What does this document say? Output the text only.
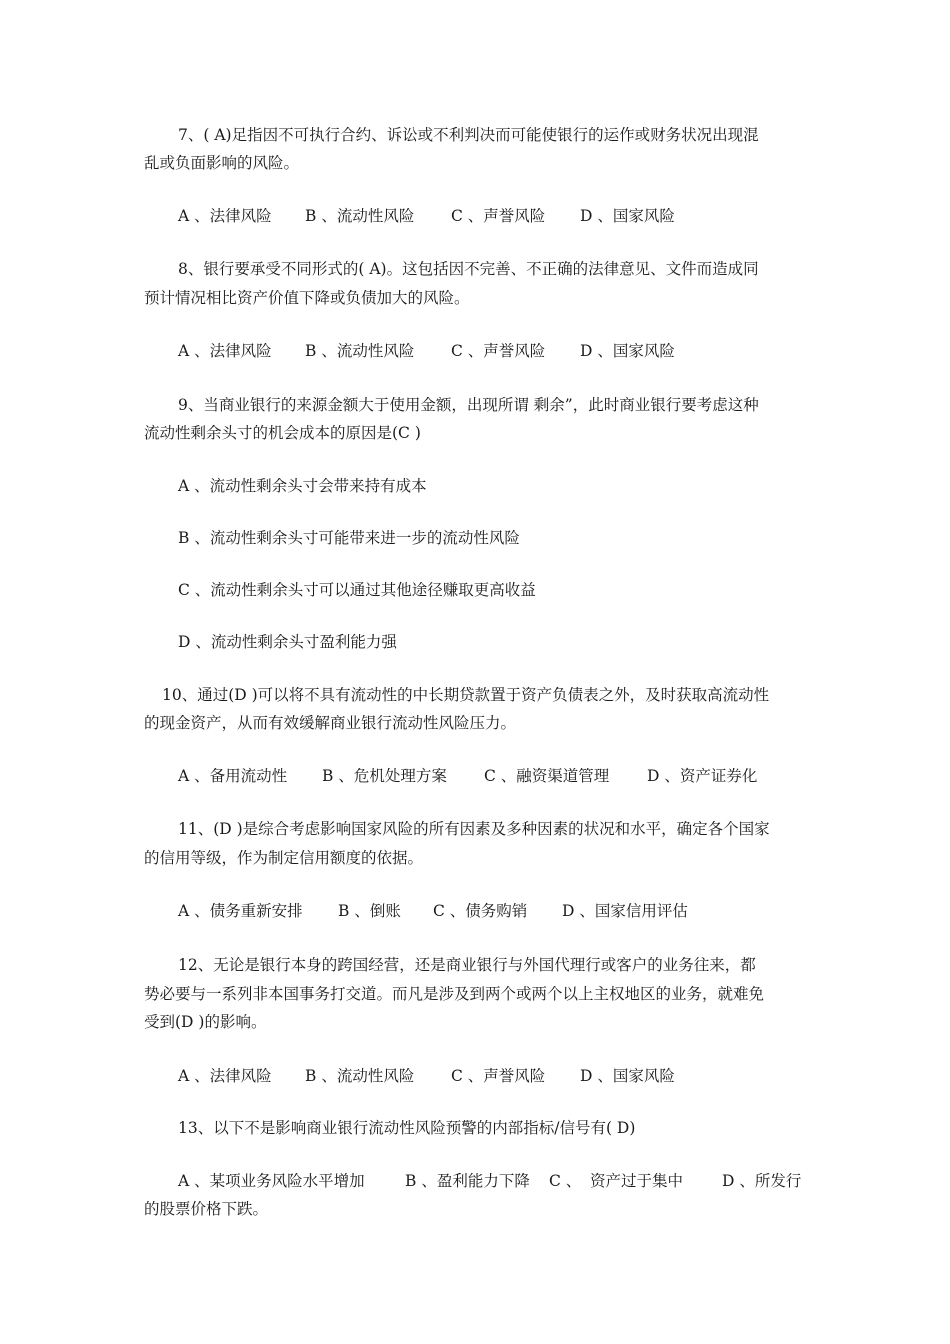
7、( A)足指因不可执行合约、诉讼或不利判决而可能使银行的运作或财务状况出现混
乱或负面影响的风险。
A 、法律风险 B 、流动性风险 C 、声誉风险 D 、国家风险
8、银行要承受不同形式的( A)。这包括因不完善、不正确的法律意见、文件而造成同
预计情况相比资产价值下降或负债加大的风险。
A 、法律风险 B 、流动性风险 C 、声誉风险 D 、国家风险
9、当商业银行的来源金额大于使用金额，出现所谓 剩余”，此时商业银行要考虑这种
流动性剩余头寸的机会成本的原因是(C )
A 、流动性剩余头寸会带来持有成本
B 、流动性剩余头寸可能带来进一步的流动性风险
C 、流动性剩余头寸可以通过其他途径赚取更高收益
D 、流动性剩余头寸盈利能力强
10、通过(D )可以将不具有流动性的中长期贷款置于资产负债表之外，及时获取高流动性
的现金资产，从而有效缓解商业银行流动性风险压力。
A 、备用流动性 B 、危机处理方案 C 、融资渠道管理 D 、资产证券化
11、(D )是综合考虑影响国家风险的所有因素及多种因素的状况和水平，确定各个国家
的信用等级，作为制定信用额度的依据。
A 、债务重新安排 B 、倒账 C 、债务购销 D 、国家信用评估
12、无论是银行本身的跨国经营，还是商业银行与外国代理行或客户的业务往来，都
势必要与一系列非本国事务打交道。而凡是涉及到两个或两个以上主权地区的业务，就难免
受到(D )的影响。
A 、法律风险 B 、流动性风险 C 、声誉风险 D 、国家风险
13、以下不是影响商业银行流动性风险预警的内部指标/信号有( D)
A 、某项业务风险水平增加	B 、盈利能力下降 C 、 资产过于集中	D 、所发行
的股票价格下跌。
